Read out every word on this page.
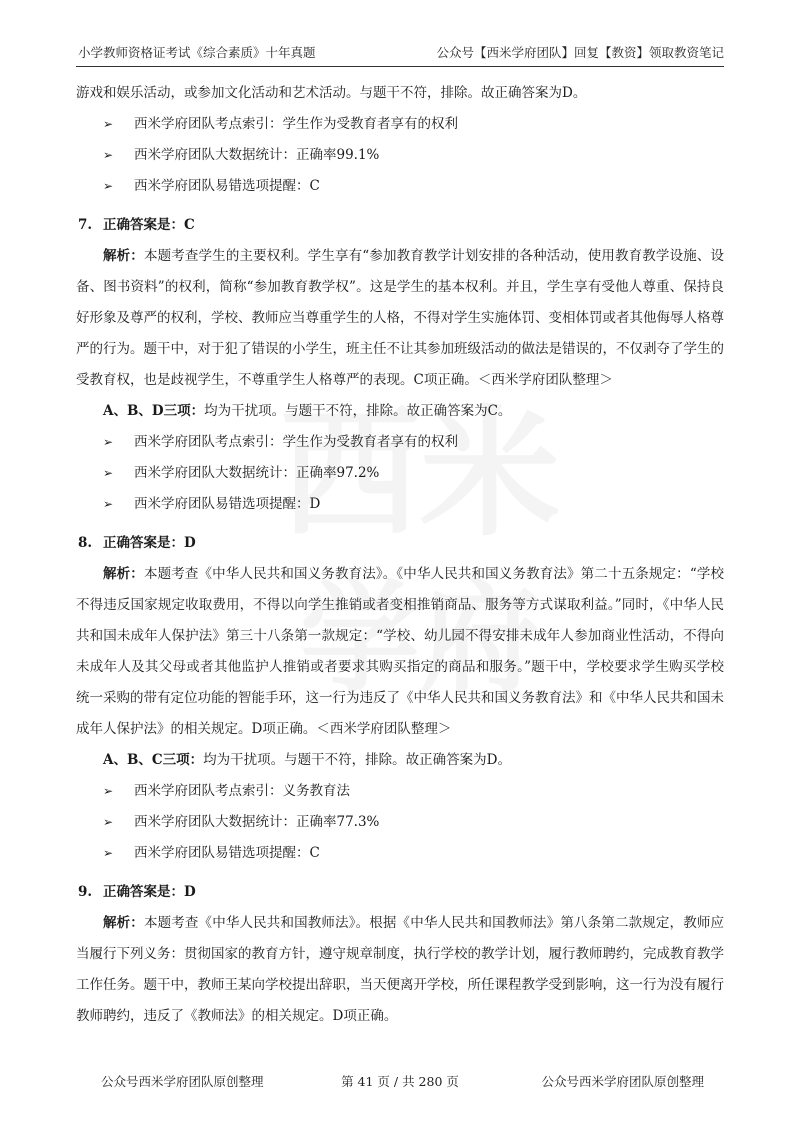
小学教师资格证考试《综合素质》十年真题	公众号【西米学府团队】回复【教资】领取教资笔记

游戏和娱乐活动，或参加文化活动和艺术活动。与题干不符，排除。故正确答案为D。

➢ 西米学府团队考点索引：学生作为受教育者享有的权利

➢ 西米学府团队大数据统计：正确率99.1%

➢ 西米学府团队易错选项提醒：C

7. 正确答案是：C

解析：本题考查学生的主要权利。学生享有“参加教育教学计划安排的各种活动，使用教育教学设施、设备、图书资料”的权利，简称“参加教育教学权”。这是学生的基本权利。并且，学生享有受他人尊重、保持良好形象及尊严的权利，学校、教师应当尊重学生的人格，不得对学生实施体罚、变相体罚或者其他侮辱人格尊严的行为。题干中，对于犯了错误的小学生，班主任不让其参加班级活动的做法是错误的，不仅剥夺了学生的受教育权，也是歧视学生，不尊重学生人格尊严的表现。C项正确。＜西米学府团队整理＞

A、B、D三项：均为干扰项。与题干不符，排除。故正确答案为C。

➢ 西米学府团队考点索引：学生作为受教育者享有的权利

➢ 西米学府团队大数据统计：正确率97.2%

➢ 西米学府团队易错选项提醒：D

8. 正确答案是：D

解析：本题考查《中华人民共和国义务教育法》。《中华人民共和国义务教育法》第二十五条规定：“学校不得违反国家规定收取费用，不得以向学生推销或者变相推销商品、服务等方式谋取利益。”同时，《中华人民共和国未成年人保护法》第三十八条第一款规定：“学校、幼儿园不得安排未成年人参加商业性活动，不得向未成年人及其父母或者其他监护人推销或者要求其购买指定的商品和服务。”题干中，学校要求学生购买学校统一采购的带有定位功能的智能手环，这一行为违反了《中华人民共和国义务教育法》和《中华人民共和国未成年人保护法》的相关规定。D项正确。＜西米学府团队整理＞

A、B、C三项：均为干扰项。与题干不符，排除。故正确答案为D。

➢ 西米学府团队考点索引：义务教育法

➢ 西米学府团队大数据统计：正确率77.3%

➢ 西米学府团队易错选项提醒：C

9. 正确答案是：D

解析：本题考查《中华人民共和国教师法》。根据《中华人民共和国教师法》第八条第二款规定，教师应当履行下列义务：贯彻国家的教育方针，遵守规章制度，执行学校的教学计划，履行教师聘约，完成教育教学工作任务。题干中，教师王某向学校提出辞职，当天便离开学校，所任课程教学受到影响，这一行为没有履行教师聘约，违反了《教师法》的相关规定。D项正确。

公众号西米学府团队原创整理	第 41 页 / 共 280 页	公众号西米学府团队原创整理
